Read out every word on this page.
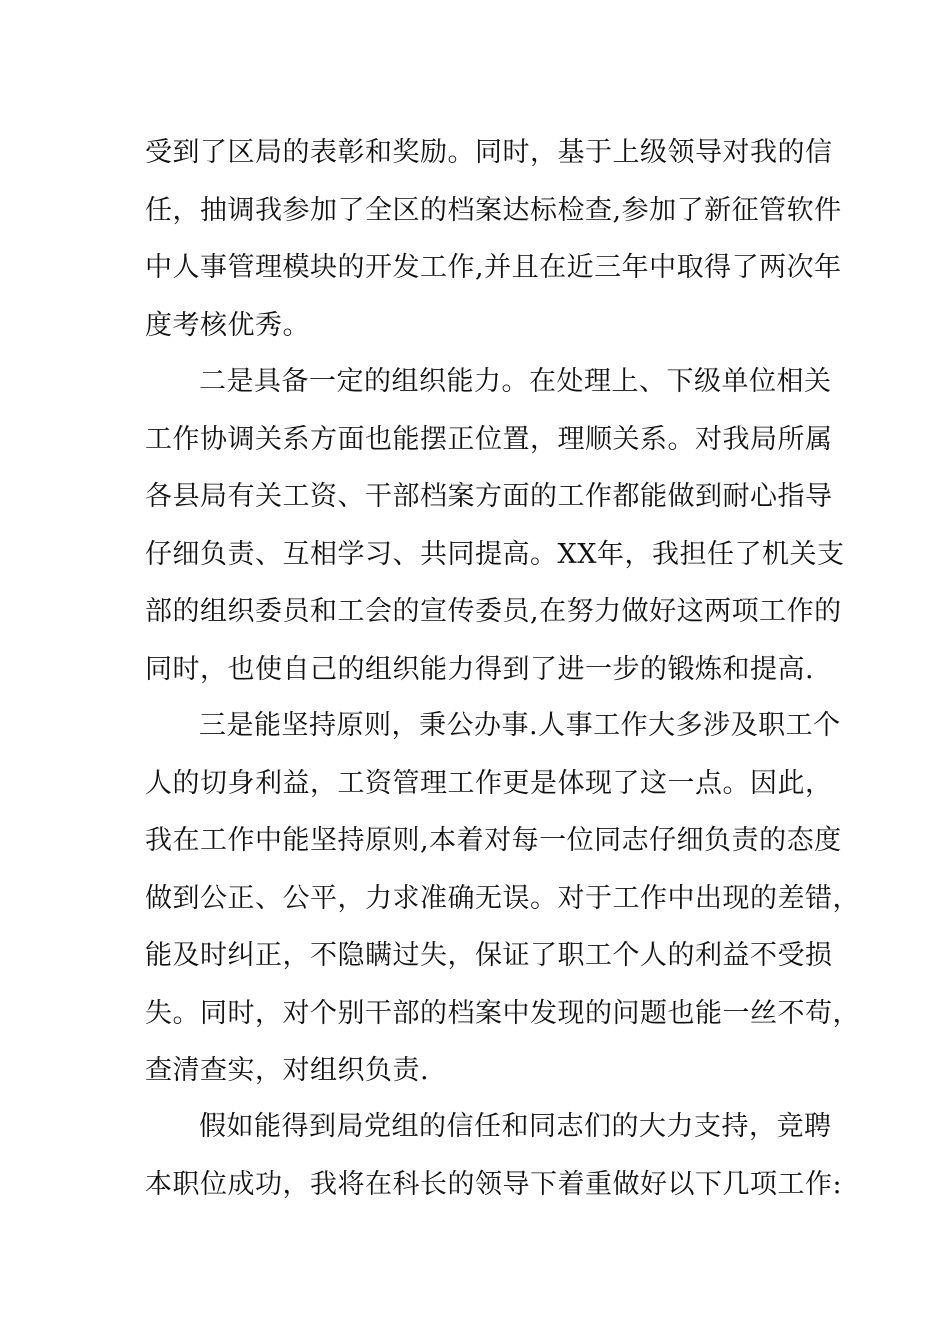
受到了区局的表彰和奖励。同时，基于上级领导对我的信
任，抽调我参加了全区的档案达标检查,参加了新征管软件
中人事管理模块的开发工作,并且在近三年中取得了两次年
度考核优秀。
二是具备一定的组织能力。在处理上、下级单位相关
工作协调关系方面也能摆正位置，理顺关系。对我局所属
各县局有关工资、干部档案方面的工作都能做到耐心指导
仔细负责、互相学习、共同提高。XX年，我担任了机关支
部的组织委员和工会的宣传委员,在努力做好这两项工作的
同时，也使自己的组织能力得到了进一步的锻炼和提高.
三是能坚持原则，秉公办事.人事工作大多涉及职工个
人的切身利益，工资管理工作更是体现了这一点。因此，
我在工作中能坚持原则,本着对每一位同志仔细负责的态度
做到公正、公平，力求准确无误。对于工作中出现的差错，
能及时纠正，不隐瞒过失，保证了职工个人的利益不受损
失。同时，对个别干部的档案中发现的问题也能一丝不苟，
查清查实，对组织负责.
假如能得到局党组的信任和同志们的大力支持，竞聘
本职位成功，我将在科长的领导下着重做好以下几项工作:
